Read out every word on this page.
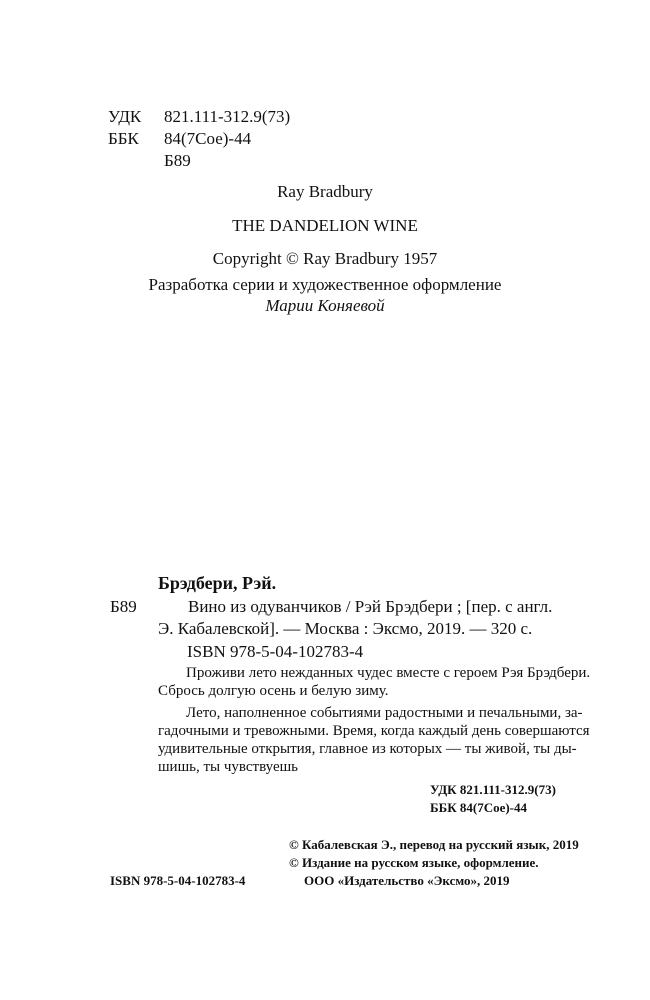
УДК 821.111-312.9(73)
ББК 84(7Сое)-44
Б89
Ray Bradbury
THE DANDELION WINE
Copyright © Ray Bradbury 1957
Разработка серии и художественное оформление
Марии Коняевой
Брэдбери, Рэй.
Б89	Вино из одуванчиков / Рэй Брэдбери ; [пер. с англ.
Э. Кабалевской]. — Москва : Эксмо, 2019. — 320 с.
ISBN 978-5-04-102783-4
Проживи лето нежданных чудес вместе с героем Рэя Брэдбери.
Сбрось долгую осень и белую зиму.
Лето, наполненное событиями радостными и печальными, за-
гадочными и тревожными. Время, когда каждый день совершаются
удивительные открытия, главное из которых — ты живой, ты ды-
шишь, ты чувствуешь
УДК 821.111-312.9(73)
ББК 84(7Сое)-44
© Кабалевская Э., перевод на русский язык, 2019
© Издание на русском языке, оформление.
ООО «Издательство «Эксмо», 2019
ISBN 978-5-04-102783-4
